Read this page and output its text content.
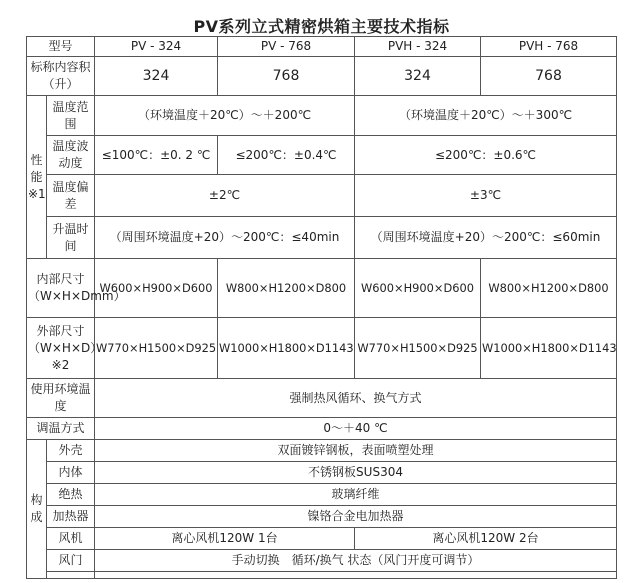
PV系列立式精密烘箱主要技术指标
型号		PV - 324	PV - 768	PVH - 324	PVH - 768
标称内容积（升）		324	768	324	768
性能※1	温度范围	（环境温度＋20℃）～＋200℃		（环境温度＋20℃）～＋300℃	
	温度波动度	≤100℃：±0. 2 ℃	≤200℃：±0.4℃	≤200℃：±0.6℃	
	温度偏差	±2℃		±3℃	
	升温时间	（周围环境温度+20）～200℃：≤40min		（周围环境温度+20）～200℃：≤60min	
内部尺寸（W×H×Dmm）		W600×H900×D600	W800×H1200×D800	W600×H900×D600	W800×H1200×D800
外部尺寸（W×H×D）※2		W770×H1500×D925	W1000×H1800×D1143	W770×H1500×D925	W1000×H1800×D1143
使用环境温度		强制热风循环、换气方式			
调温方式		0～＋40 ℃			
构成	外壳	双面镀锌钢板，表面喷塑处理			
	内体	不锈钢板SUS304			
	绝热	玻璃纤维			
	加热器	镍铬合金电加热器			
	风机	离心风机120W 1台		离心风机120W 2台	
	风门	手动切换　循环/换气 状态（风门开度可调节）			
